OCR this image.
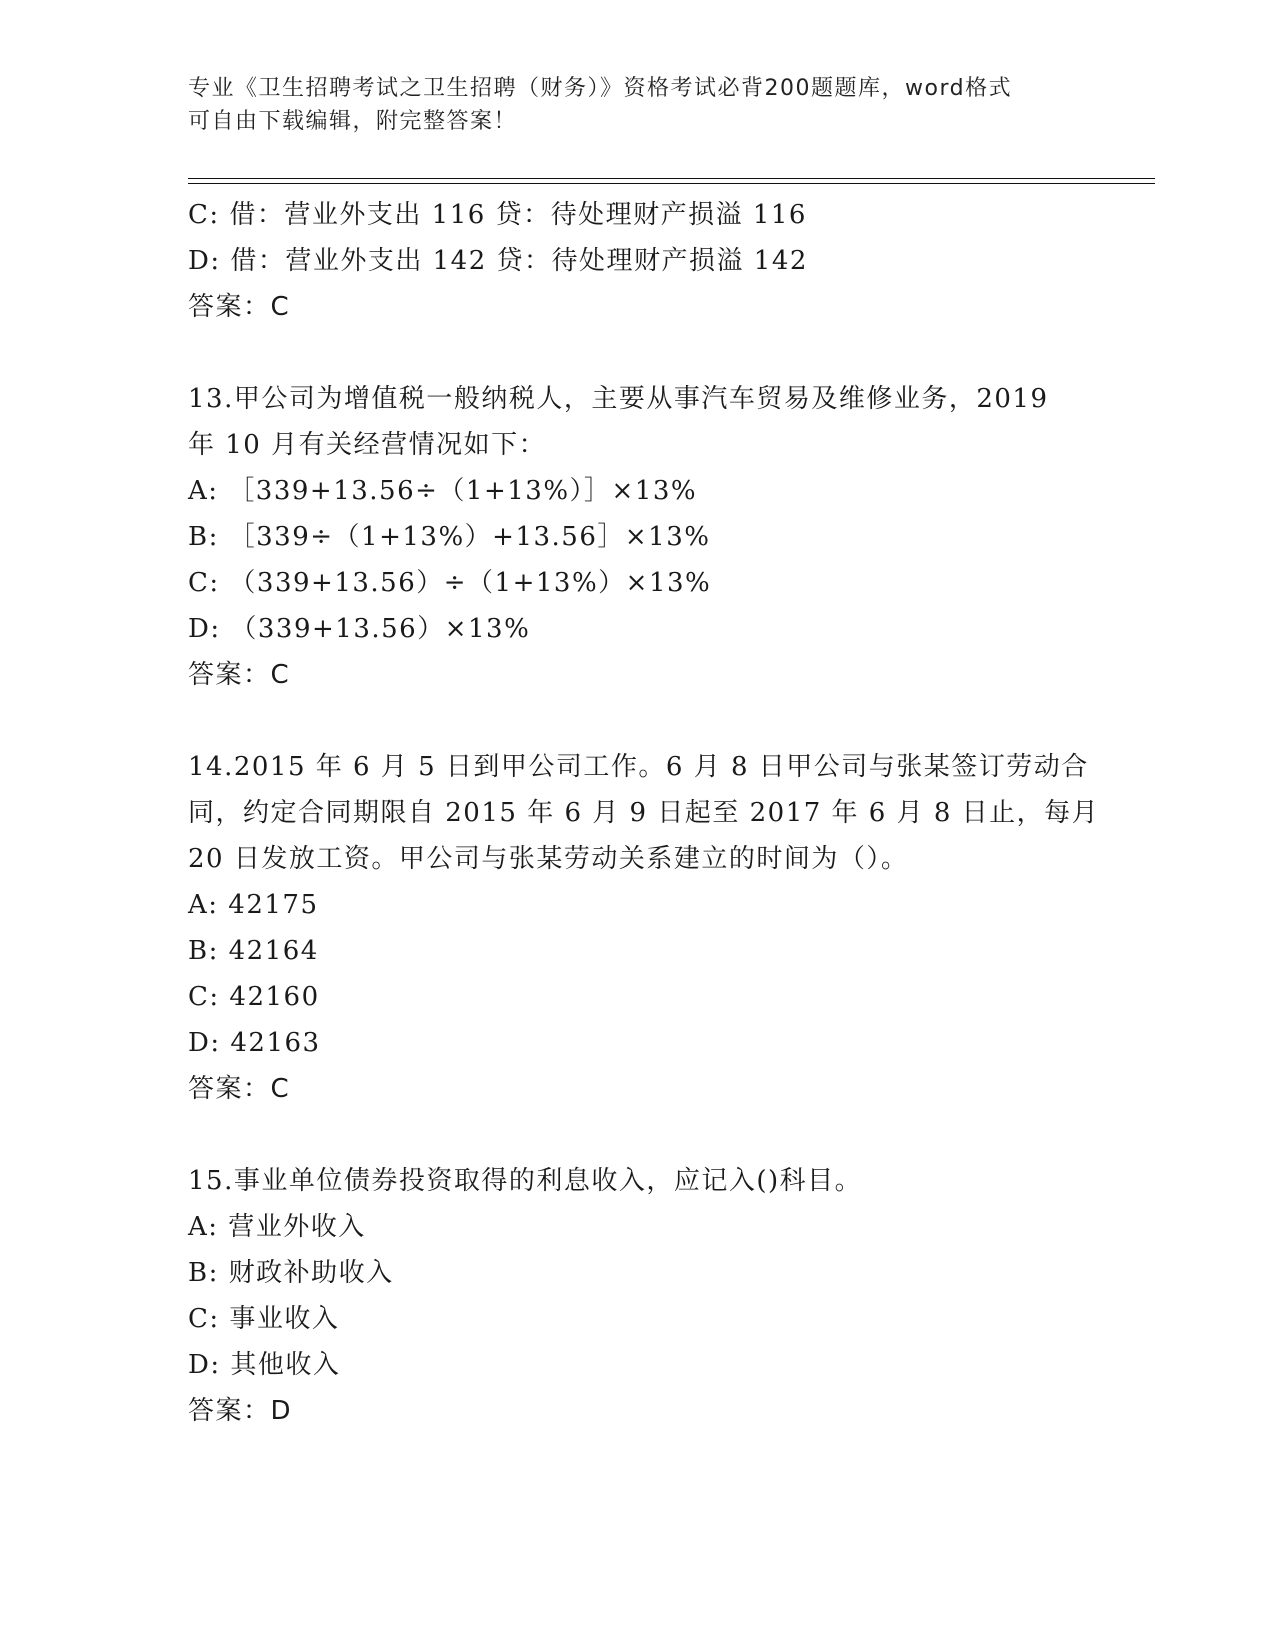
专业《卫生招聘考试之卫生招聘（财务）》资格考试必背200题题库，word格式
可自由下载编辑，附完整答案！
C: 借：营业外支出 116 贷：待处理财产损溢 116
D: 借：营业外支出 142 贷：待处理财产损溢 142
答案：C
13.甲公司为增值税一般纳税人，主要从事汽车贸易及维修业务，2019
年 10 月有关经营情况如下：
A: ［339+13.56÷（1+13%）］×13%
B: ［339÷（1+13%）+13.56］×13%
C: （339+13.56）÷（1+13%）×13%
D: （339+13.56）×13%
答案：C
14.2015 年 6 月 5 日到甲公司工作。6 月 8 日甲公司与张某签订劳动合
同，约定合同期限自 2015 年 6 月 9 日起至 2017 年 6 月 8 日止，每月
20 日发放工资。甲公司与张某劳动关系建立的时间为（）。
A: 42175
B: 42164
C: 42160
D: 42163
答案：C
15.事业单位债券投资取得的利息收入，应记入()科目。
A: 营业外收入
B: 财政补助收入
C: 事业收入
D: 其他收入
答案：D
